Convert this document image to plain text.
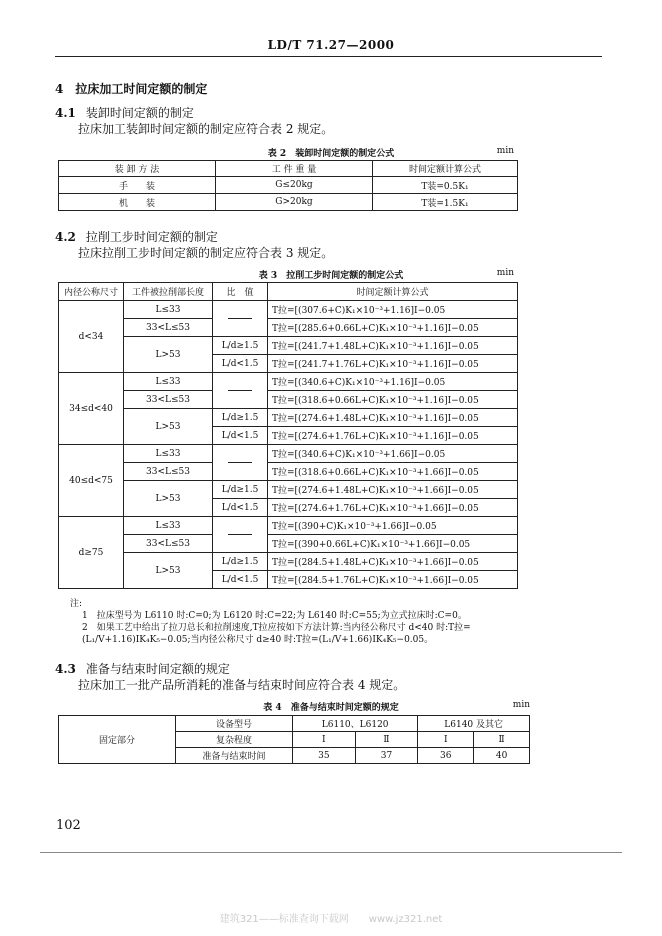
LD/T 71.27—2000
4　拉床加工时间定额的制定
4.1 装卸时间定额的制定
拉床加工装卸时间定额的制定应符合表 2 规定。
表 2　装卸时间定额的制定公式	min
装 卸 方 法	工 件 重 量	时间定额计算公式
手　　装	G≤20kg	T装=0.5K₁
机　　装	G>20kg	T装=1.5K₁
4.2 拉削工步时间定额的制定
拉床拉削工步时间定额的制定应符合表 3 规定。
表 3　拉削工步时间定额的制定公式	min
内径公称尺寸	工件被拉削部长度	比　值	时间定额计算公式
d<34	L≤33		T拉=[(307.6+C)K₁×10⁻³+1.16]I−0.05
	33<L≤53		T拉=[(285.6+0.66L+C)K₁×10⁻³+1.16]I−0.05
	L>53	L/d≥1.5	T拉=[(241.7+1.48L+C)K₁×10⁻³+1.16]I−0.05
		L/d<1.5	T拉=[(241.7+1.76L+C)K₁×10⁻³+1.16]I−0.05
34≤d<40	L≤33		T拉=[(340.6+C)K₁×10⁻³+1.16]I−0.05
	33<L≤53		T拉=[(318.6+0.66L+C)K₁×10⁻³+1.16]I−0.05
	L>53	L/d≥1.5	T拉=[(274.6+1.48L+C)K₁×10⁻³+1.16]I−0.05
		L/d<1.5	T拉=[(274.6+1.76L+C)K₁×10⁻³+1.16]I−0.05
40≤d<75	L≤33		T拉=[(340.6+C)K₁×10⁻³+1.66]I−0.05
	33<L≤53		T拉=[(318.6+0.66L+C)K₁×10⁻³+1.66]I−0.05
	L>53	L/d≥1.5	T拉=[(274.6+1.48L+C)K₁×10⁻³+1.66]I−0.05
		L/d<1.5	T拉=[(274.6+1.76L+C)K₁×10⁻³+1.66]I−0.05
d≥75	L≤33		T拉=[(390+C)K₁×10⁻³+1.66]I−0.05
	33<L≤53		T拉=[(390+0.66L+C)K₁×10⁻³+1.66]I−0.05
	L>53	L/d≥1.5	T拉=[(284.5+1.48L+C)K₁×10⁻³+1.66]I−0.05
		L/d<1.5	T拉=[(284.5+1.76L+C)K₁×10⁻³+1.66]I−0.05
注:
1　拉床型号为 L6110 时:C=0;为 L6120 时:C=22;为 L6140 时:C=55;为立式拉床时:C=0。
2　如果工艺中给出了拉刀总长和拉削速度,T拉应按如下方法计算:当内径公称尺寸 d<40 时:T拉=(L₁/V+1.16)IK₄K₅−0.05;当内径公称尺寸 d≥40 时:T拉=(L₁/V+1.66)IK₄K₅−0.05。
4.3 准备与结束时间定额的规定
拉床加工一批产品所消耗的准备与结束时间应符合表 4 规定。
表 4　准备与结束时间定额的规定	min
固定部分	设备型号	L6110、L6120		L6140 及其它	
	复杂程度	Ⅰ	Ⅱ	Ⅰ	Ⅱ
	准备与结束时间	35	37	36	40
102
建筑321——标准查询下载网　　www.jz321.net
